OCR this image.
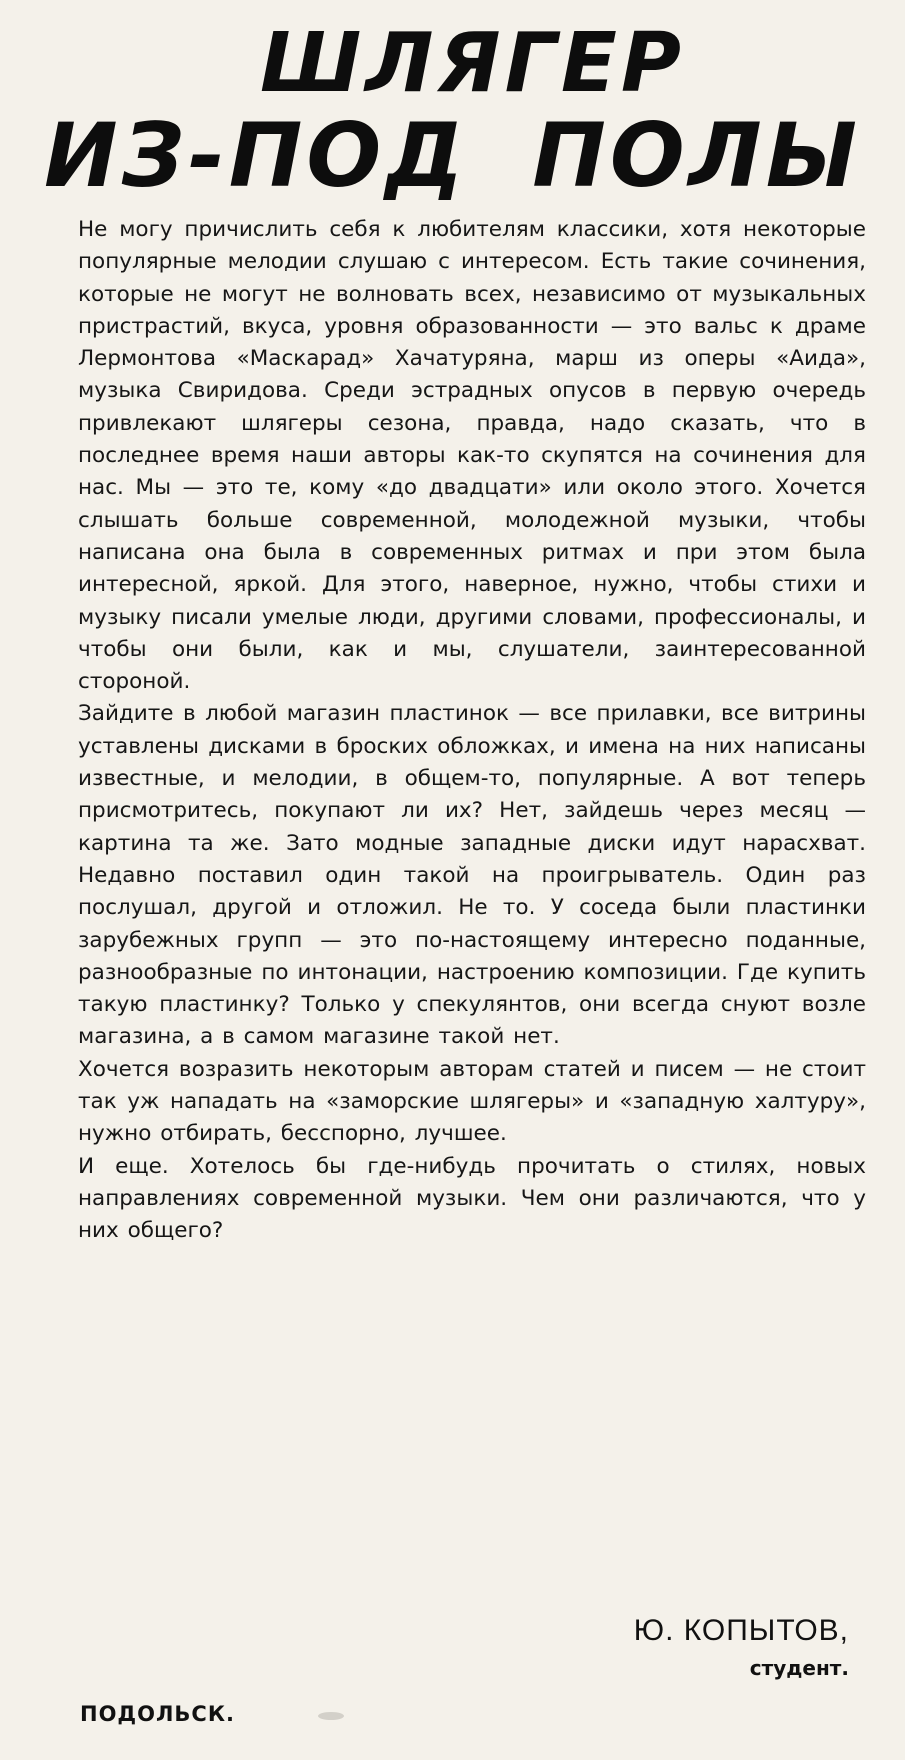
ШЛЯГЕР
ИЗ-ПОД ПОЛЫ

Не могу причислить себя к любителям классики, хотя некоторые популярные мелодии слушаю с интересом. Есть такие сочинения, которые не могут не волновать всех, независимо от музыкальных пристрастий, вкуса, уровня образованности — это вальс к драме Лермонтова «Маскарад» Хачатуряна, марш из оперы «Аида», музыка Свиридова. Среди эстрадных опусов в первую очередь привлекают шлягеры сезона, правда, надо сказать, что в последнее время наши авторы как-то скупятся на сочинения для нас. Мы — это те, кому «до двадцати» или около этого. Хочется слышать больше современной, молодежной музыки, чтобы написана она была в современных ритмах и при этом была интересной, яркой. Для этого, наверное, нужно, чтобы стихи и музыку писали умелые люди, другими словами, профессионалы, и чтобы они были, как и мы, слушатели, заинтересованной стороной.

Зайдите в любой магазин пластинок — все прилавки, все витрины уставлены дисками в броских обложках, и имена на них написаны известные, и мелодии, в общем-то, популярные. А вот теперь присмотритесь, покупают ли их? Нет, зайдешь через месяц — картина та же. Зато модные западные диски идут нарасхват. Недавно поставил один такой на проигрыватель. Один раз послушал, другой и отложил. Не то. У соседа были пластинки зарубежных групп — это по-настоящему интересно поданные, разнообразные по интонации, настроению композиции. Где купить такую пластинку? Только у спекулянтов, они всегда снуют возле магазина, а в самом магазине такой нет.

Хочется возразить некоторым авторам статей и писем — не стоит так уж нападать на «заморские шлягеры» и «западную халтуру», нужно отбирать, бесспорно, лучшее.

И еще. Хотелось бы где-нибудь прочитать о стилях, новых направлениях современной музыки. Чем они различаются, что у них общего?

Ю. КОПЫТОВ,
студент.
ПОДОЛЬСК.
